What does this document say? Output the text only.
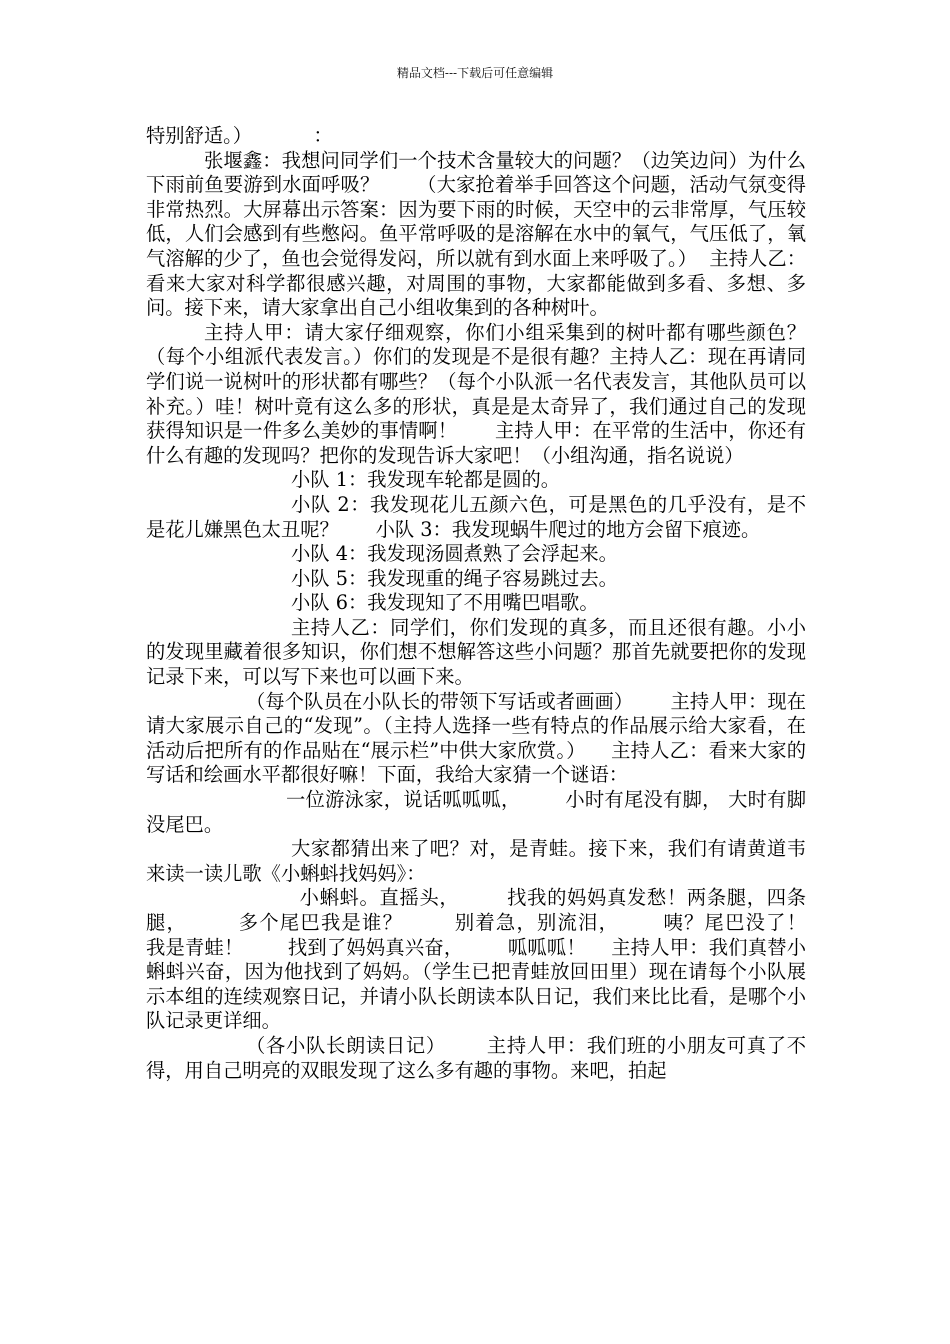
精品文档---下载后可任意编辑

特别舒适。）          ：

张堰鑫：我想问同学们一个技术含量较大的问题？（边笑边问）为什么下雨前鱼要游到水面呼吸？      （大家抢着举手回答这个问题，活动气氛变得非常热烈。大屏幕出示答案：因为要下雨的时候，天空中的云非常厚，气压较低，人们会感到有些憋闷。鱼平常呼吸的是溶解在水中的氧气，气压低了，氧气溶解的少了，鱼也会觉得发闷，所以就有到水面上来呼吸了。）  主持人乙：看来大家对科学都很感兴趣，对周围的事物，大家都能做到多看、多想、多问。接下来，请大家拿出自己小组收集到的各种树叶。

主持人甲：请大家仔细观察，你们小组采集到的树叶都有哪些颜色？（每个小组派代表发言。）你们的发现是不是很有趣？主持人乙：现在再请同学们说一说树叶的形状都有哪些？（每个小队派一名代表发言，其他队员可以补充。）哇！树叶竟有这么多的形状，真是是太奇异了，我们通过自己的发现获得知识是一件多么美妙的事情啊！      主持人甲：在平常的生活中，你还有什么有趣的发现吗？把你的发现告诉大家吧！（小组沟通，指名说说）

小队 1：我发现车轮都是圆的。

小队 2：我发现花儿五颜六色，可是黑色的几乎没有，是不是花儿嫌黑色太丑呢？      小队 3：我发现蜗牛爬过的地方会留下痕迹。

小队 4：我发现汤圆煮熟了会浮起来。

小队 5：我发现重的绳子容易跳过去。

小队 6：我发现知了不用嘴巴唱歌。

主持人乙：同学们，你们发现的真多，而且还很有趣。小小的发现里藏着很多知识，你们想不想解答这些小问题？那首先就要把你的发现记录下来，可以写下来也可以画下来。

（每个队员在小队长的带领下写话或者画画）      主持人甲：现在请大家展示自己的“发现”。（主持人选择一些有特点的作品展示给大家看，在活动后把所有的作品贴在“展示栏”中供大家欣赏。）    主持人乙：看来大家的写话和绘画水平都很好嘛！下面，我给大家猜一个谜语：

一位游泳家，说话呱呱呱，       小时有尾没有脚， 大时有脚没尾巴。

大家都猜出来了吧？对，是青蛙。接下来，我们有请黄道韦来读一读儿歌《小蝌蚪找妈妈》：

小蝌蚪。直摇头，       找我的妈妈真发愁！两条腿，四条腿，       多个尾巴我是谁？       别着急，别流泪，      咦？尾巴没了！       我是青蛙！       找到了妈妈真兴奋，       呱呱呱！    主持人甲：我们真替小蝌蚪兴奋，因为他找到了妈妈。（学生已把青蛙放回田里）现在请每个小队展示本组的连续观察日记，并请小队长朗读本队日记，我们来比比看，是哪个小队记录更详细。

（各小队长朗读日记）      主持人甲：我们班的小朋友可真了不得，用自己明亮的双眼发现了这么多有趣的事物。来吧，拍起
